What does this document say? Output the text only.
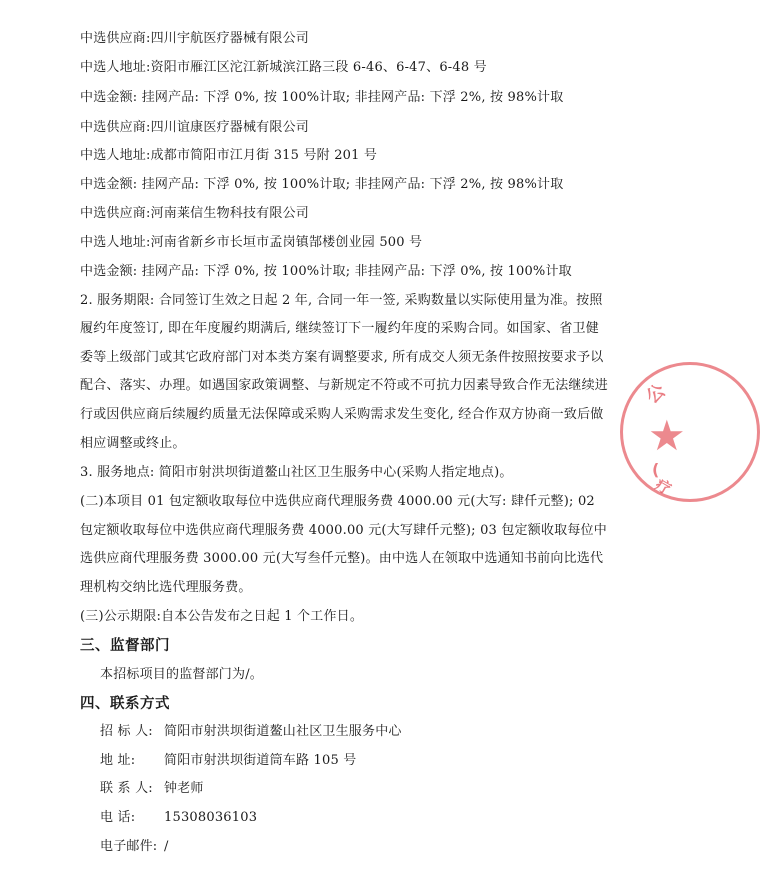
中选供应商:四川宇航医疗器械有限公司
中选人地址:资阳市雁江区沱江新城滨江路三段 6-46、6-47、6-48 号
中选金额: 挂网产品: 下浮 0%, 按 100%计取; 非挂网产品: 下浮 2%, 按 98%计取
中选供应商:四川谊康医疗器械有限公司
中选人地址:成都市简阳市江月街 315 号附 201 号
中选金额: 挂网产品: 下浮 0%, 按 100%计取; 非挂网产品: 下浮 2%, 按 98%计取
中选供应商:河南莱信生物科技有限公司
中选人地址:河南省新乡市长垣市孟岗镇郜楼创业园 500 号
中选金额: 挂网产品: 下浮 0%, 按 100%计取; 非挂网产品: 下浮 0%, 按 100%计取
2. 服务期限: 合同签订生效之日起 2 年, 合同一年一签, 采购数量以实际使用量为准。按照
履约年度签订, 即在年度履约期满后, 继续签订下一履约年度的采购合同。如国家、省卫健
委等上级部门或其它政府部门对本类方案有调整要求, 所有成交人须无条件按照按要求予以
配合、落实、办理。如遇国家政策调整、与新规定不符或不可抗力因素导致合作无法继续进
行或因供应商后续履约质量无法保障或采购人采购需求发生变化, 经合作双方协商一致后做
相应调整或终止。
3. 服务地点: 简阳市射洪坝街道鳌山社区卫生服务中心(采购人指定地点)。
(二)本项目 01 包定额收取每位中选供应商代理服务费 4000.00 元(大写: 肆仟元整); 02
包定额收取每位中选供应商代理服务费 4000.00 元(大写肆仟元整); 03 包定额收取每位中
选供应商代理服务费 3000.00 元(大写叁仟元整)。由中选人在领取中选通知书前向比选代
理机构交纳比选代理服务费。
(三)公示期限:自本公告发布之日起 1 个工作日。
三、监督部门
本招标项目的监督部门为/。
四、联系方式
招 标 人: 简阳市射洪坝街道鳌山社区卫生服务中心
地 址: 简阳市射洪坝街道筒车路 105 号
联 系 人: 钟老师
电 话: 15308036103
电子邮件: /
★
公
(
疗
